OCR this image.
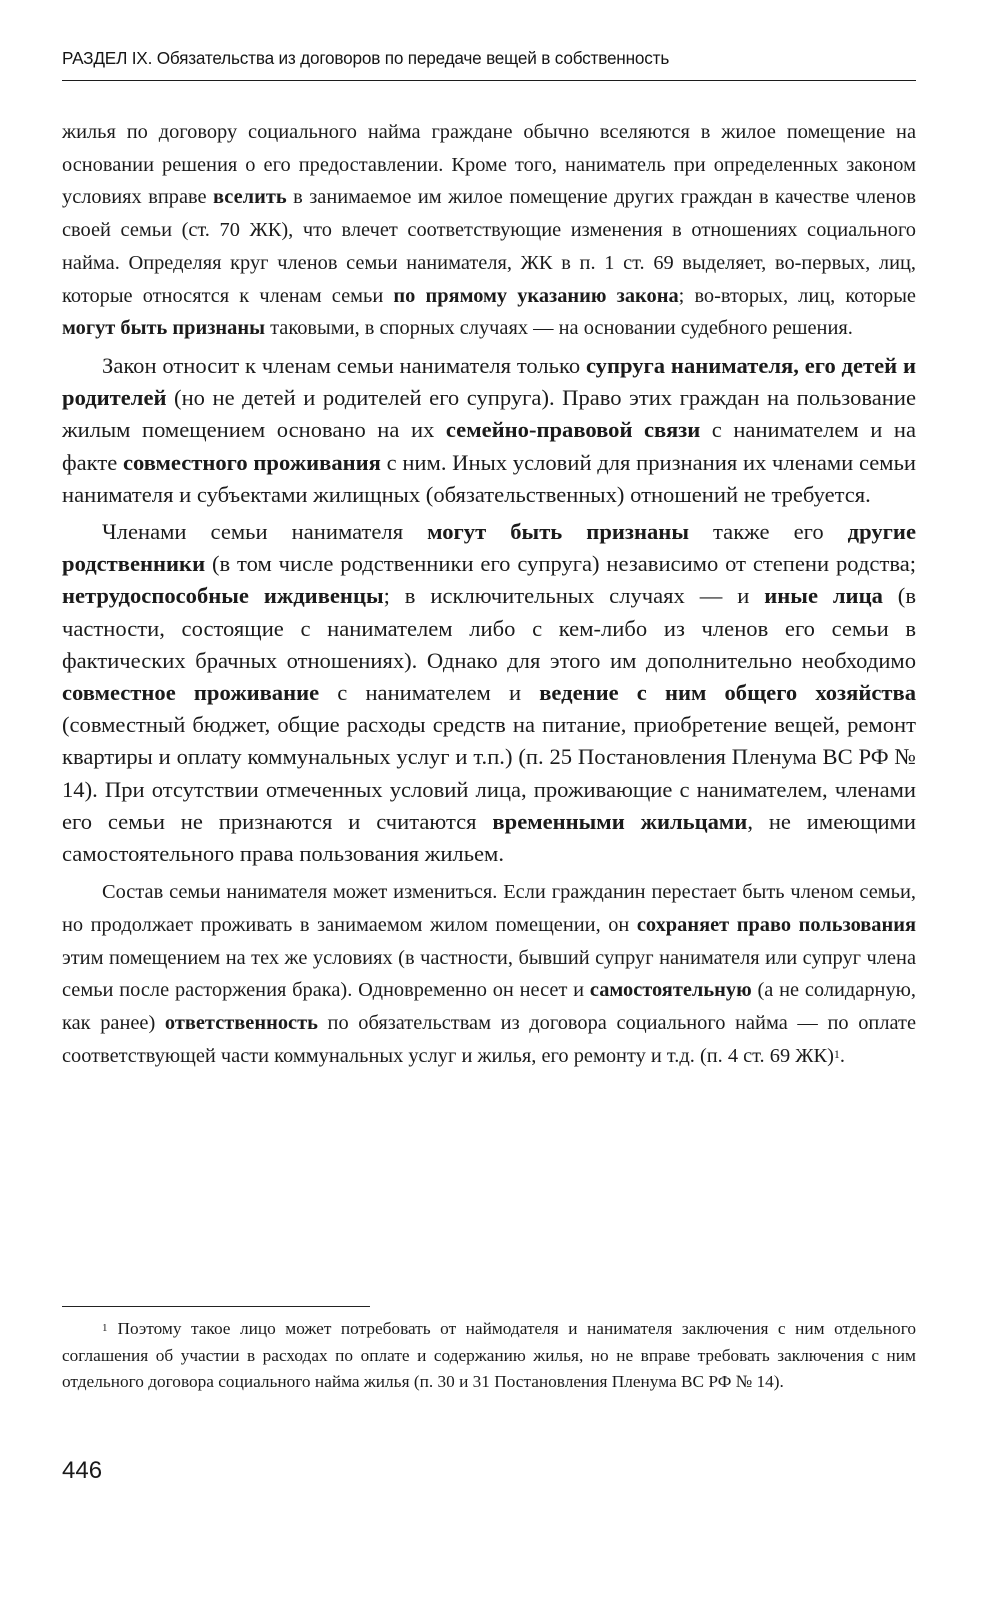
РАЗДЕЛ IX. Обязательства из договоров по передаче вещей в собственность

жилья по договору социального найма граждане обычно вселяются в жилое помещение на основании решения о его предоставлении. Кроме того, наниматель при определенных законом условиях вправе вселить в занимаемое им жилое помещение других граждан в качестве членов своей семьи (ст. 70 ЖК), что влечет соответствующие изменения в отношениях социального найма. Определяя круг членов семьи нанимателя, ЖК в п. 1 ст. 69 выделяет, во-первых, лиц, которые относятся к членам семьи по прямому указанию закона; во-вторых, лиц, которые могут быть признаны таковыми, в спорных случаях — на основании судебного решения.

Закон относит к членам семьи нанимателя только супруга нанимателя, его детей и родителей (но не детей и родителей его супруга). Право этих граждан на пользование жилым помещением основано на их семейно-правовой связи с нанимателем и на факте совместного проживания с ним. Иных условий для признания их членами семьи нанимателя и субъектами жилищных (обязательственных) отношений не требуется.

Членами семьи нанимателя могут быть признаны также его другие родственники (в том числе родственники его супруга) независимо от степени родства; нетрудоспособные иждивенцы; в исключительных случаях — и иные лица (в частности, состоящие с нанимателем либо с кем-либо из членов его семьи в фактических брачных отношениях). Однако для этого им дополнительно необходимо совместное проживание с нанимателем и ведение с ним общего хозяйства (совместный бюджет, общие расходы средств на питание, приобретение вещей, ремонт квартиры и оплату коммунальных услуг и т.п.) (п. 25 Постановления Пленума ВС РФ № 14). При отсутствии отмеченных условий лица, проживающие с нанимателем, членами его семьи не признаются и считаются временными жильцами, не имеющими самостоятельного права пользования жильем.

Состав семьи нанимателя может измениться. Если гражданин перестает быть членом семьи, но продолжает проживать в занимаемом жилом помещении, он сохраняет право пользования этим помещением на тех же условиях (в частности, бывший супруг нанимателя или супруг члена семьи после расторжения брака). Одновременно он несет и самостоятельную (а не солидарную, как ранее) ответственность по обязательствам из договора социального найма — по оплате соответствующей части коммунальных услуг и жилья, его ремонту и т.д. (п. 4 ст. 69 ЖК)$^1$.

$^1$ Поэтому такое лицо может потребовать от наймодателя и нанимателя заключения с ним отдельного соглашения об участии в расходах по оплате и содержанию жилья, но не вправе требовать заключения с ним отдельного договора социального найма жилья (п. 30 и 31 Постановления Пленума ВС РФ № 14).

446
